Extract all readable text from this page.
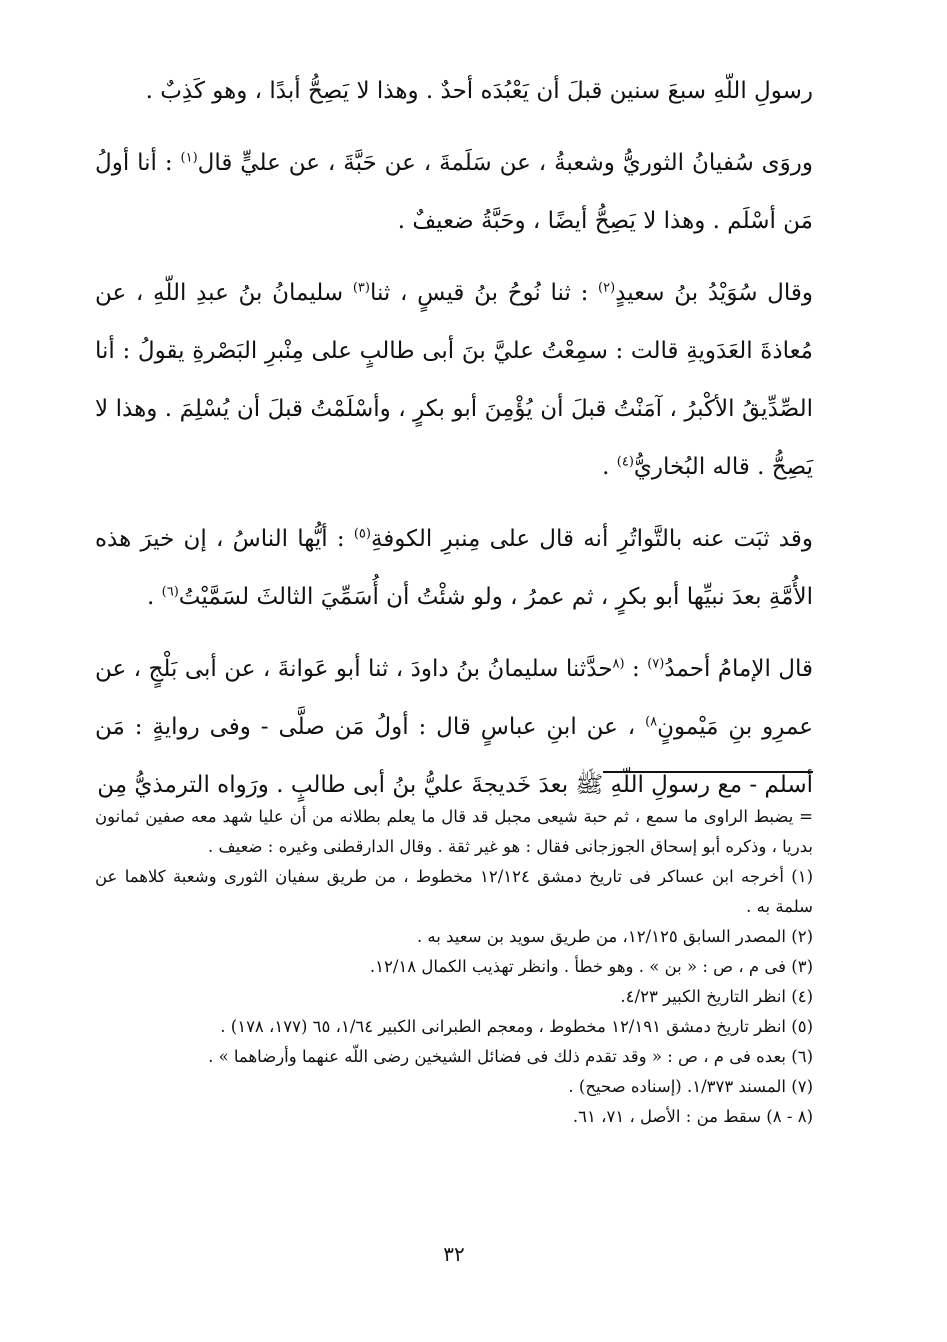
رسولِ اللّهِ سبعَ سنين قبلَ أن يَعْبُدَه أحدٌ . وهذا لا يَصِحُّ أبدًا ، وهو كَذِبٌ .

وروَى سُفيانُ الثوريُّ وشعبةُ ، عن سَلَمةَ ، عن حَبَّةَ ، عن عليٍّ قال$^{(١)}$ : أنا أولُ مَن أسْلَم . وهذا لا يَصِحُّ أيضًا ، وحَبَّةُ ضعيفٌ .

وقال سُوَيْدُ بنُ سعيدٍ$^{(٢)}$ : ثنا نُوحُ بنُ قيسٍ ، ثنا$^{(٣)}$ سليمانُ بنُ عبدِ اللّهِ ، عن مُعاذةَ العَدَويةِ قالت : سمِعْتُ عليَّ بنَ أبى طالبٍ على مِنْبرِ البَصْرةِ يقولُ : أنا الصِّدِّيقُ الأكْبرُ ، آمَنْتُ قبلَ أن يُؤْمِنَ أبو بكرٍ ، وأسْلَمْتُ قبلَ أن يُسْلِمَ . وهذا لا يَصِحُّ . قاله البُخاريُّ$^{(٤)}$ .

وقد ثبَت عنه بالتَّواتُرِ أنه قال على مِنبرِ الكوفةِ$^{(٥)}$ : أيُّها الناسُ ، إن خيرَ هذه الأُمَّةِ بعدَ نبيِّها أبو بكرٍ ، ثم عمرُ ، ولو شئْتُ أن أُسَمِّيَ الثالثَ لسَمَّيْتُ$^{(٦)}$ .

قال الإمامُ أحمدُ$^{(٧)}$ : $^{(٨}$حدَّثنا سليمانُ بنُ داودَ ، ثنا أبو عَوانةَ ، عن أبى بَلْجٍ ، عن عمرِو بنِ مَيْمونٍ$^{٨)}$ ، عن ابنِ عباسٍ قال : أولُ مَن صلَّى - وفى روايةٍ : مَن أسلم - مع رسولِ اللّهِ ﷺ بعدَ خَديجةَ عليُّ بنُ أبى طالبٍ . ورَواه الترمذيُّ مِن

= يضبط الراوى ما سمع ، ثم حبة شيعى مجبل قد قال ما يعلم بطلانه من أن عليا شهد معه صفين ثمانون بدريا ، وذكره أبو إسحاق الجوزجانى فقال : هو غير ثقة . وقال الدارقطنى وغيره : ضعيف .

(١) أخرجه ابن عساكر فى تاريخ دمشق ١٢/١٢٤ مخطوط ، من طريق سفيان الثورى وشعبة كلاهما عن سلمة به .

(٢) المصدر السابق ١٢/١٢٥، من طريق سويد بن سعيد به .

(٣) فى م ، ص : « بن » . وهو خطأ . وانظر تهذيب الكمال ١٢/١٨.

(٤) انظر التاريخ الكبير ٤/٢٣.

(٥) انظر تاريخ دمشق ١٢/١٩١ مخطوط ، ومعجم الطبرانى الكبير ١/٦٤، ٦٥ (١٧٧، ١٧٨) .

(٦) بعده فى م ، ص : « وقد تقدم ذلك فى فضائل الشيخين رضى اللّه عنهما وأرضاهما » .

(٧) المسند ١/٣٧٣. (إسناده صحيح) .

(٨ - ٨) سقط من : الأصل ، ٧١، ٦١.

٣٢
